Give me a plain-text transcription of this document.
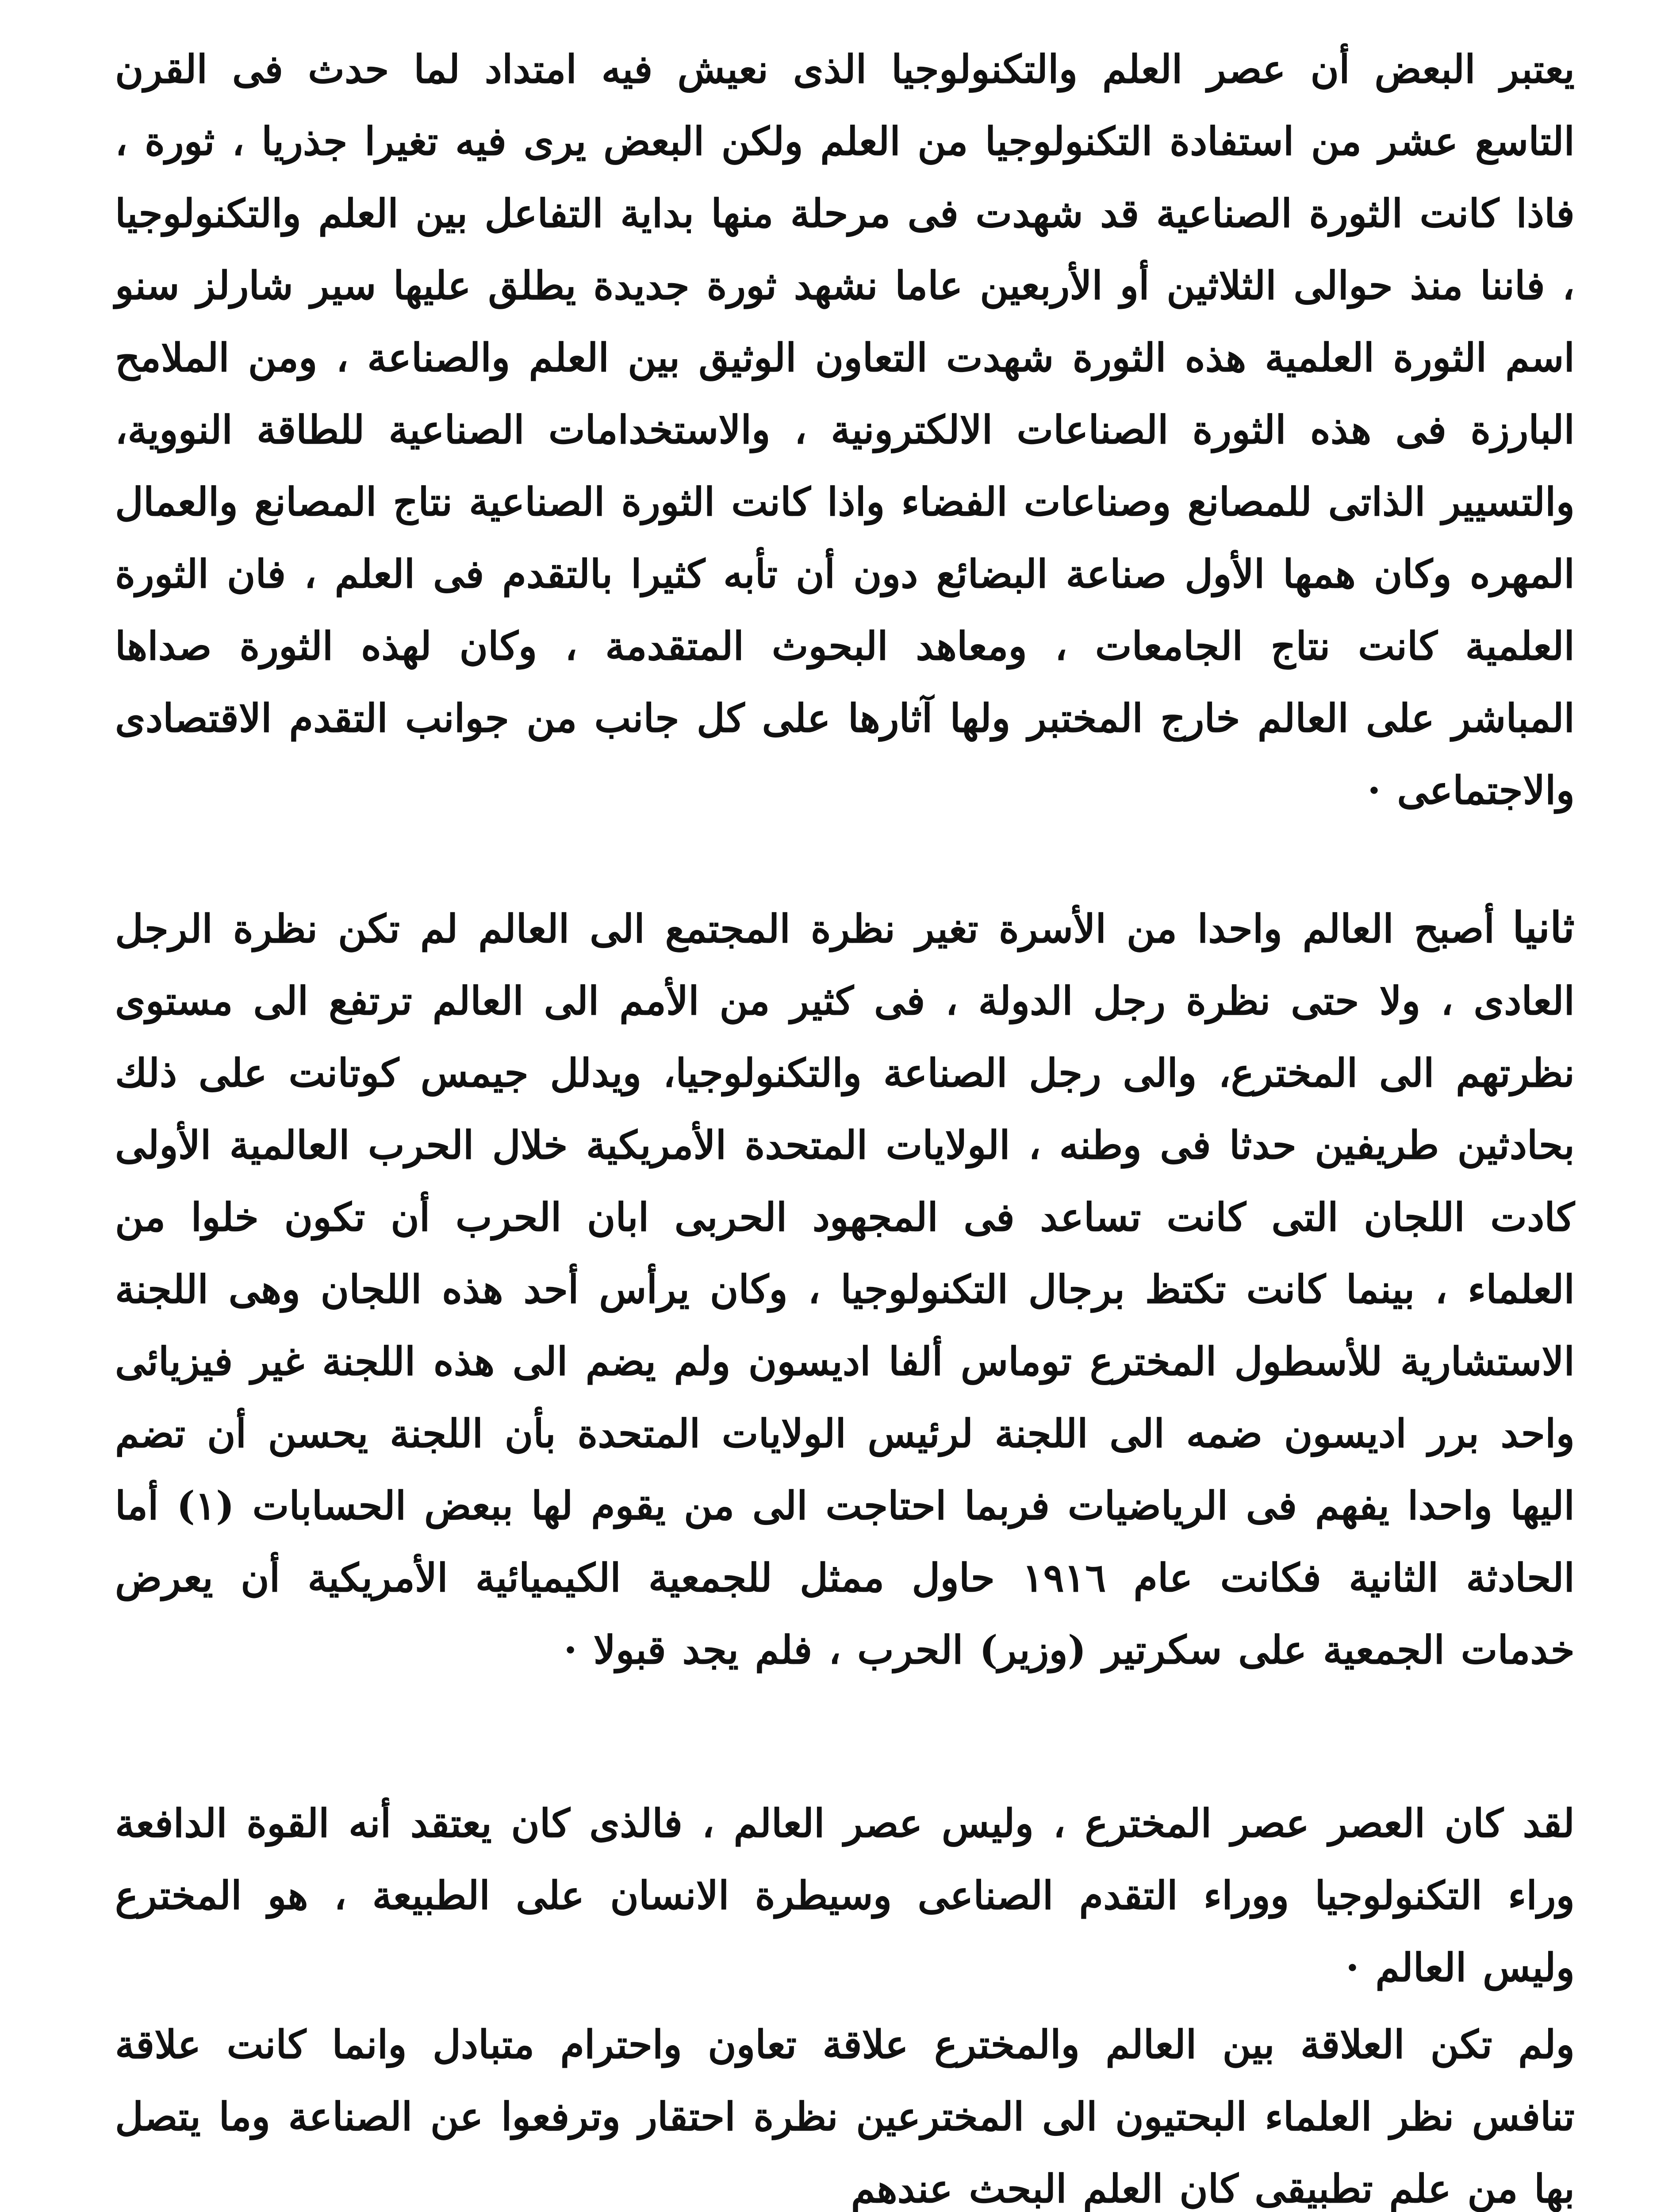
يعتبر البعض أن عصر العلم والتكنولوجيا الذى نعيش فيه امتداد لما حدث فى القرن التاسع عشر من استفادة التكنولوجيا من العلم ولكن البعض يرى فيه تغيرا جذريا ، ثورة ، فاذا كانت الثورة الصناعية قد شهدت فى مرحلة منها بداية التفاعل بين العلم والتكنولوجيا ، فاننا منذ حوالى الثلاثين أو الأربعين عاما نشهد ثورة جديدة يطلق عليها سير شارلز سنو اسم الثورة العلمية هذه الثورة شهدت التعاون الوثيق بين العلم والصناعة ، ومن الملامح البارزة فى هذه الثورة الصناعات الالكترونية ، والاستخدامات الصناعية للطاقة النووية، والتسيير الذاتى للمصانع وصناعات الفضاء واذا كانت الثورة الصناعية نتاج المصانع والعمال المهره وكان همها الأول صناعة البضائع دون أن تأبه كثيرا بالتقدم فى العلم ، فان الثورة العلمية كانت نتاج الجامعات ، ومعاهد البحوث المتقدمة ، وكان لهذه الثورة صداها المباشر على العالم خارج المختبر ولها آثارها على كل جانب من جوانب التقدم الاقتصادى والاجتماعى ·

ثانياأصبح العالم واحدا من الأسرة تغير نظرة المجتمع الى العالم لم تكن نظرة الرجل العادى ، ولا حتى نظرة رجل الدولة ، فى كثير من الأمم الى العالم ترتفع الى مستوى نظرتهم الى المخترع، والى رجل الصناعة والتكنولوجيا، ويدلل جيمس كوتانت على ذلك بحادثين طريفين حدثا فى وطنه ، الولايات المتحدة الأمريكية خلال الحرب العالمية الأولى كادت اللجان التى كانت تساعد فى المجهود الحربى ابان الحرب أن تكون خلوا من العلماء ، بينما كانت تكتظ برجال التكنولوجيا ، وكان يرأس أحد هذه اللجان وهى اللجنة الاستشارية للأسطول المخترع توماس ألفا اديسون ولم يضم الى هذه اللجنة غير فيزيائى واحد برر اديسون ضمه الى اللجنة لرئيس الولايات المتحدة بأن اللجنة يحسن أن تضم اليها واحدا يفهم فى الرياضيات فربما احتاجت الى من يقوم لها ببعض الحسابات (١) أما الحادثة الثانية فكانت عام ١٩١٦ حاول ممثل للجمعية الكيميائية الأمريكية أن يعرض خدمات الجمعية على سكرتير (وزير) الحرب ، فلم يجد قبولا ·

لقد كان العصر عصر المخترع ، وليس عصر العالم ، فالذى كان يعتقد أنه القوة الدافعة وراء التكنولوجيا ووراء التقدم الصناعى وسيطرة الانسان على الطبيعة ، هو المخترع وليس العالم ·

ولم تكن العلاقة بين العالم والمخترع علاقة تعاون واحترام متبادل وانما كانت علاقة تنافس نظر العلماء البحتيون الى المخترعين نظرة احتقار وترفعوا عن الصناعة وما يتصل بها من علم تطبيقى كان العلم البحث عندهم
